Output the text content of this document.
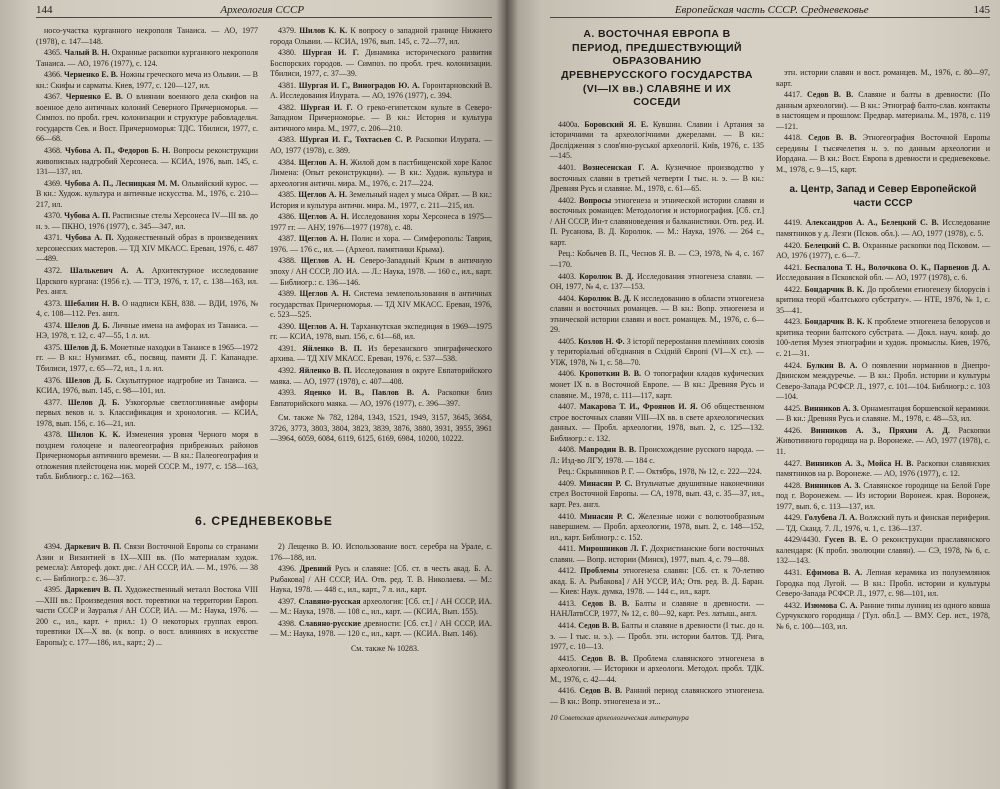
144	Археология СССР

носо-участка курганного некрополя Танаиса. — АО, 1977 (1978), с. 147—148.

4365. Чалый В. Н. Охранные раскопки курганного некрополя Танаиса. — АО, 1976 (1977), с. 124.

4366. Черненко Е. В. Ножны греческого меча из Ольвии. — В кн.: Скифы и сарматы. Киев, 1977, с. 120—127, ил.

4367. Черненко Е. В. О влиянии военного дела скифов на военное дело античных колоний Северного Причерноморья. — Симпоз. по пробл. греч. колонизации и структуре рабовладельч. государств Сев. и Вост. Причерноморья: ТДС. Тбилиси, 1977, с. 66—68.

4368. Чубова А. П., Федоров Б. Н. Вопросы реконструкции живописных надгробий Херсонеса. — КСИА, 1976, вып. 145, с. 131—137, ил.

4369. Чубова А. П., Лесницкая М. М. Ольвийский курос. — В кн.: Худож. культура и античные искусства. М., 1976, с. 210—217, ил.

4370. Чубова А. П. Расписные стелы Херсонеса IV—III вв. до н. э. — ПКНО, 1976 (1977), с. 345—347, ил.

4371. Чубова А. П. Художественный образ в произведениях херсонесских мастеров. — ТД XIV МКАСС. Ереван, 1976, с. 487—489.

4372. Шалькевич А. А. Архитектурное исследование Царского кургана: (1956 г.). — ТГЭ, 1976, т. 17, с. 138—163, ил. Рез. англ.

4373. Шебалин Н. В. О надписи КБН, 838. — ВДИ, 1976, № 4, с. 108—112. Рез. англ.

4374. Шелов Д. Б. Личные имена на амфорах из Танаиса. — НЭ, 1978, т. 12, с. 47—55, 1 л. ил.

4375. Шелов Д. Б. Монетные находки в Танаисе в 1965—1972 гг. — В кн.: Нумизмат. сб., посвящ. памяти Д. Г. Капанадзе. Тбилиси, 1977, с. 65—72, ил., 1 л. ил.

4376. Шелов Д. Б. Скульптурное надгробие из Танаиса. — КСИА, 1976, вып. 145, с. 98—101, ил.

4377. Шелов Д. Б. Узкогорлые светлоглиняные амфоры первых веков н. э. Классификация и хронология. — КСИА, 1978, вып. 156, с. 16—21, ил.

4378. Шилов К. К. Изменения уровня Черного моря в позднем голоцене и палеогеография прибрежных районов Причерноморья античного времени. — В кн.: Палеогеография и отложения плейстоцена юж. морей СССР. М., 1977, с. 158—163, табл. Библиогр.: с. 162—163.

4379. Шилов К. К. К вопросу о западной границе Нижнего города Ольвии. — КСИА, 1976, вып. 145, с. 72—77, ил.

4380. Шургая И. Г. Динамика исторического развития Боспорских городов. — Симпоз. по пробл. греч. колонизации. Тбилиси, 1977, с. 37—39.

4381. Шургая И. Г., Виноградов Ю. А. Горонтарновский В. А. Исследования Илурата. — АО, 1976 (1977), с. 394.

4382. Шургая И. Г. О греко-египетском культе в Северо-Западном Причерноморье. — В кн.: История и культура античного мира. М., 1977, с. 206—210.

4383. Шургая И. Г., Тохтасьев С. Р. Раскопки Илурата. — АО, 1977 (1978), с. 389.

4384. Щеглов А. Н. Жилой дом в пастбищенской хоре Калос Лимена: (Опыт реконструкции). — В кн.: Худож. культура и археология античн. мира. М., 1976, с. 217—224.

4385. Щеглов А. Н. Земельный надел у мыса Ойрат. — В кн.: История и культура античн. мира. М., 1977, с. 211—215, ил.

4386. Щеглов А. Н. Исследования хоры Херсонеса в 1975—1977 гг. — АНУ, 1976—1977 (1978), с. 48.

4387. Щеглов А. Н. Полис и хора. — Симферополь: Таврия, 1976. — 176 с., ил. — (Археол. памятники Крыма).

4388. Щеглов А. Н. Северо-Западный Крым в античную эпоху / АН СССР, ЛО ИА. — Л.: Наука, 1978. — 160 с., ил., карт. — Библиогр.: с. 136—146.

4389. Щеглов А. Н. Система землепользования в античных государствах Причерноморья. — ТД XIV МКАСС. Ереван, 1976, с. 523—525.

4390. Щеглов А. Н. Тарханкутская экспедиция в 1969—1975 гг. — КСИА, 1978, вып. 156, с. 61—68, ил.

4391. Яйленко В. П. Из березанского эпиграфического архива. — ТД XIV МКАСС. Ереван, 1976, с. 537—538.

4392. Яйленко В. П. Исследования в округе Евпаторийского маяка. — АО, 1977 (1978), с. 407—408.

4393. Яценко И. В., Павлов В. А. Раскопки близ Евпаторийского маяка. — АО, 1976 (1977), с. 396—397.

См. также № 782, 1284, 1343, 1521, 1949, 3157, 3645, 3684, 3726, 3773, 3803, 3804, 3823, 3839, 3876, 3880, 3931, 3955, 3961—3964, 6059, 6084, 6119, 6125, 6169, 6984, 10200, 10222.

6. СРЕДНЕВЕКОВЬЕ

4394. Даркевич В. П. Связи Восточной Европы со странами Азии и Византией в IX—XIII вв. (По материалам худож. ремесла): Автореф. докт. дис. / АН СССР, ИА. — М., 1976. — 38 с. — Библиогр.: с. 36—37.

4395. Даркевич В. П. Художественный металл Востока VIII—XIII вв.: Произведения вост. торевтики на территории Европ. части СССР и Зауралья / АН СССР, ИА. — М.: Наука, 1976. — 200 с., ил., карт. + прил.: 1) О некоторых группах европ. торевтики IX—X вв. (к вопр. о вост. влияниях в искусстве Европы); с. 177—186, ил., карт.; 2) ...

2) Лещенко В. Ю. Использование вост. серебра на Урале, с. 176—188, ил.

4396. Древний Русь и славяне: [Сб. ст. в честь акад. Б. А. Рыбакова] / АН СССР, ИА. Отв. ред. Т. В. Николаева. — М.: Наука, 1978. — 448 с., ил., карт., 7 л. ил., карт.

4397. Славяно-русская археология: [Сб. ст.] / АН СССР, ИА. — М.: Наука, 1978. — 108 с., ил., карт. — (КСИА, Вып. 155).

4398. Славяно-русские древности: [Сб. ст.] / АН СССР, ИА. — М.: Наука, 1978. — 120 с., ил., карт. — (КСИА. Вып. 146).

См. также № 10283.

Европейская часть СССР. Средневековье	145
А. ВОСТОЧНАЯ ЕВРОПА В ПЕРИОД, ПРЕДШЕСТВУЮЩИЙ ОБРАЗОВАНИЮ ДРЕВНЕРУССКОГО ГОСУДАРСТВА (VI—IX вв.) СЛАВЯНЕ И ИХ СОСЕДИ

4400а. Боровский Я. Е. Кувшин. Славии і Артания за історичними та археологічними джерелами. — В кн.: Дослідження з слов'яно-руської археології. Київ, 1976, с. 135—145.

4401. Вознесенская Г. А. Кузнечное производство у восточных славян в третьей четверти I тыс. н. э. — В кн.: Древняя Русь и славяне. М., 1978, с. 61—65.

4402. Вопросы этногенеза и этнической истории славян и восточных романцев: Методология и историография. [Сб. ст.] / АН СССР, Ин-т славяноведения и балканистики. Отв. ред. И. П. Русанова, В. Д. Королюк. — М.: Наука, 1976. — 264 с., карт.

Рец.: Кобычев В. П., Чеснов Я. В. — СЭ, 1978, № 4, с. 167—170.

4403. Королюк В. Д. Исследования этногенеза славян. — ОН, 1977, № 4, с. 137—153.

4404. Королюк В. Д. К исследованию в области этногенеза славян и восточных романцев. — В кн.: Вопр. этногенеза и этнической истории славян и вост. романцев. М., 1976, с. 6—29.

4405. Козлов Н. Ф. З історії перерostaння племінних союзів у територіальні об'єднання в Східній Європі (VI—X ст.). — УІЖ, 1978, № 1, с. 58—70.

4406. Кропоткин В. В. О топографии кладов куфических монет IX в. в Восточной Европе. — В кн.: Древняя Русь и славяне. М., 1978, с. 111—117, карт.

4407. Макарова Т. И., Фроянов И. Я. Об общественном строе восточных славян VIII—IX вв. в свете археологических данных. — Пробл. археологии, 1978, вып. 2, с. 125—132. Библиогр.: с. 132.

4408. Мавродин В. В. Происхождение русского народа. — Л.: Изд-во ЛГУ, 1978. — 184 с.

Рец.: Скрынников Р. Г. — Октябрь, 1978, № 12, с. 222—224.

4409. Минасян Р. С. Втульчатые двушипные наконечники стрел Восточной Европы. — СА, 1978, вып. 43, с. 35—37, ил., карт. Рез. англ.

4410. Минасян Р. С. Железные ножи с волютообразным навершием. — Пробл. археологии, 1978, вып. 2, с. 148—152, ил., карт. Библиогр.: с. 152.

4411. Мирошников Л. Г. Дохристианские боги восточных славян. — Вопр. истории (Минск), 1977, вып. 4, с. 79—88.

4412. Проблемы этногенеза славян: [Сб. ст. к 70-летию акад. Б. А. Рыбакова] / АН УССР, ИА; Отв. ред. В. Д. Баран. — Киев: Наук. думка, 1978. — 144 с., ил., карт.

4413. Седов В. В. Балты и славяне в древности. — НАНЛатвССР, 1977, № 12, с. 80—92, карт. Рез. латыш., англ.

4414. Седов В. В. Балты и славяне в древности (I тыс. до н. э. — I тыс. н. э.). — Пробл. этн. истории балтов. ТД. Рига, 1977, с. 10—13.

4415. Седов В. В. Проблема славянского этногенеза в археологии. — Историки и археологи. Методол. пробл. ТДК. М., 1976, с. 42—44.

4416. Седов В. В. Ранний период славянского этногенеза. — В кн.: Вопр. этногенеза и эт...

10 Советская археологическая литература

этн. истории славян и вост. романцев. М., 1976, с. 80—97, карт.

4417. Седов В. В. Славяне и балты в древности: (По данным археологии). — В кн.: Этнограф балто-слав. контакты в настоящем и прошлом: Предвар. материалы. М., 1978, с. 119—121.

4418. Седов В. В. Этногеография Восточной Европы середины I тысячелетия н. э. по данным археологии и Иордана. — В кн.: Вост. Европа в древности и средневековье. М., 1978, с. 9—15, карт.

а. Центр, Запад и Север Европейской части СССР

4419. Александров А. А., Белецкий С. В. Исследование памятников у д. Лезги (Псков. обл.). — АО, 1977 (1978), с. 5.

4420. Белецкий С. В. Охранные раскопки под Псковом. — АО, 1976 (1977), с. 6—7.

4421. Беспалова Т. Н., Волочкова О. К., Парвенов Д. А. Исследования в Псковской обл. — АО, 1977 (1978), с. 6.

4422. Бондарчик В. К. До проблеми етногенезу білорусів і критика теорії «балтського субстрату». — НТЕ, 1976, № 1, с. 35—41.

4423. Бондарчик В. К. К проблеме этногенеза белорусов и критика теории балтского субстрата. — Докл. науч. конф. до 100-летия Музея этнографии и худож. промыслы. Киев, 1976, с. 21—31.

4424. Булкин В. А. О появлении норманнов в Днепро-Двинском междуречье. — В кн.: Пробл. истории и культуры Северо-Запада РСФСР. Л., 1977, с. 101—104. Библиогр.: с. 103—104.

4425. Винников А. З. Орнаментация боршевской керамики. — В кн.: Древняя Русь и славяне. М., 1978, с. 48—53, ил.

4426. Винников А. З., Пряхин А. Д. Раскопки Животинного городища на р. Воронеже. — АО, 1977 (1978), с. 11.

4427. Винников А. З., Мойса Н. В. Раскопки славянских памятников на р. Воронеже. — АО, 1976 (1977), с. 12.

4428. Винников А. З. Славянское городище на Белой Горе под г. Воронежем. — Из истории Воронеж. края. Воронеж, 1977, вып. 6, с. 113—137, ил.

4429. Голубева Л. А. Волжский путь и финская периферия. — ТД. Сканд. 7. Л., 1976, ч. 1, с. 136—137.

4429/4430. Гусев В. Е. О реконструкции праславянского календаря: (К пробл. эволюции славян). — СЭ, 1978, № 6, с. 132—143.

4431. Ефимова В. А. Лепная керамика из полуземлянок Городка под Лугой. — В кн.: Пробл. истории и культуры Северо-Запада РСФСР. Л., 1977, с. 98—101, ил.

4432. Изюмова С. А. Ранние типы лунниц из одного ковша Сурчукского городища / [Тул. обл.]. — ВМУ. Сер. ист., 1978, № 6, с. 100—103, ил.
